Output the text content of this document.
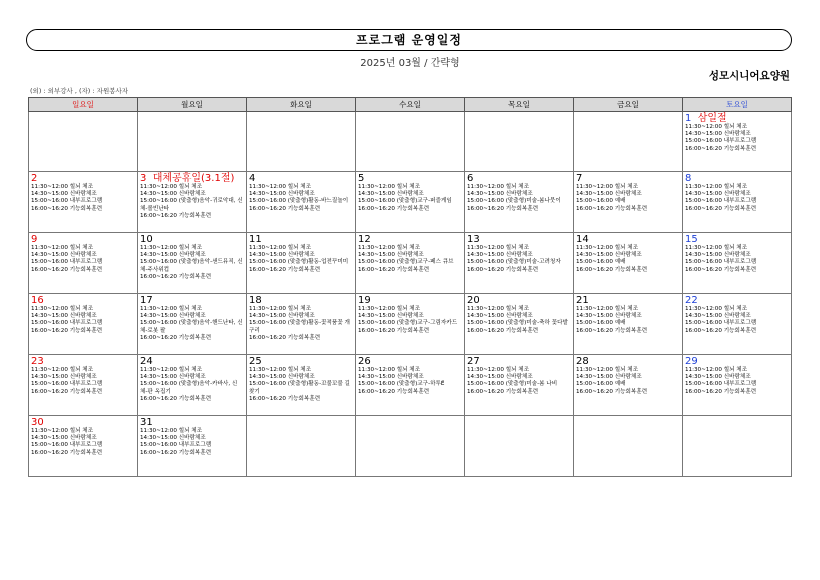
프로그램 운영일정
2025년 03월 / 간략형
성모시니어요양원
(외) : 외부강사 , (자) : 자원봉사자
일요일	월요일	화요일	수요일	목요일	금요일	토요일

						1 삼일절
11:30~12:00 힐뇌 체조
14:30~15:00 신바람체조
15:00~16:00 내부프로그램
16:00~16:20 기능회복훈련

2
11:30~12:00 힐뇌 체조
14:30~15:00 신바람체조
15:00~16:00 내부프로그램
16:00~16:20 기능회복훈련	3 대체공휴일(3.1절)
11:30~12:00 힐뇌 체조
14:30~15:00 신바람체조
15:00~16:00 (맞춤형)음악-귀로악대, 신체-볼빈난타
16:00~16:20 기능회복훈련	4
11:30~12:00 힐뇌 체조
14:30~15:00 신바람체조
15:00~16:00 (맞춤형)활동-바느질놀이
16:00~16:20 기능회복훈련	5
11:30~12:00 힐뇌 체조
14:30~15:00 신바람체조
15:00~16:00 (맞춤형)교구-퍼즐게임
16:00~16:20 기능회복훈련	6
11:30~12:00 힐뇌 체조
14:30~15:00 신바람체조
15:00~16:00 (맞춤형)미술-봄나뭇이
16:00~16:20 기능회복훈련	7
11:30~12:00 힐뇌 체조
14:30~15:00 신바람체조
15:00~16:00 예배
16:00~16:20 기능회복훈련	8
11:30~12:00 힐뇌 체조
14:30~15:00 신바람체조
15:00~16:00 내부프로그램
16:00~16:20 기능회복훈련

9
11:30~12:00 힐뇌 체조
14:30~15:00 신바람체조
15:00~16:00 내부프로그램
16:00~16:20 기능회복훈련	10
11:30~12:00 힐뇌 체조
14:30~15:00 신바람체조
15:00~16:00 (맞춤형)음악-샌드뮤직, 신체-주사위컵
16:00~16:20 기능회복훈련	11
11:30~12:00 힐뇌 체조
14:30~15:00 신바람체조
15:00~16:00 (맞춤형)활동-업전꾸미미
16:00~16:20 기능회복훈련	12
11:30~12:00 힐뇌 체조
14:30~15:00 신바람체조
15:00~16:00 (맞춤형)교구-페스 큐브
16:00~16:20 기능회복훈련	13
11:30~12:00 힐뇌 체조
14:30~15:00 신바람체조
15:00~16:00 (맞춤형)미술-고려청자
16:00~16:20 기능회복훈련	14
11:30~12:00 힐뇌 체조
14:30~15:00 신바람체조
15:00~16:00 예배
16:00~16:20 기능회복훈련	15
11:30~12:00 힐뇌 체조
14:30~15:00 신바람체조
15:00~16:00 내부프로그램
16:00~16:20 기능회복훈련

16
11:30~12:00 힐뇌 체조
14:30~15:00 신바람체조
15:00~16:00 내부프로그램
16:00~16:20 기능회복훈련	17
11:30~12:00 힐뇌 체조
14:30~15:00 신바람체조
15:00~16:00 (맞춤형)음악-핸드난타, 신체-로봇 팔
16:00~16:20 기능회복훈련	18
11:30~12:00 힐뇌 체조
14:30~15:00 신바람체조
15:00~16:00 (맞춤형)활동-꽃적품꽃 개구리
16:00~16:20 기능회복훈련	19
11:30~12:00 힐뇌 체조
14:30~15:00 신바람체조
15:00~16:00 (맞춤형)교구-그림자카드
16:00~16:20 기능회복훈련	20
11:30~12:00 힐뇌 체조
14:30~15:00 신바람체조
15:00~16:00 (맞춤형)미술-축하 꽃다발
16:00~16:20 기능회복훈련	21
11:30~12:00 힐뇌 체조
14:30~15:00 신바람체조
15:00~16:00 예배
16:00~16:20 기능회복훈련	22
11:30~12:00 힐뇌 체조
14:30~15:00 신바람체조
15:00~16:00 내부프로그램
16:00~16:20 기능회복훈련

23
11:30~12:00 힐뇌 체조
14:30~15:00 신바람체조
15:00~16:00 내부프로그램
16:00~16:20 기능회복훈련	24
11:30~12:00 힐뇌 체조
14:30~15:00 신바람체조
15:00~16:00 (맞춤형)음악-카바사, 신체-판 옥집기
16:00~16:20 기능회복훈련	25
11:30~12:00 힐뇌 체조
14:30~15:00 신바람체조
15:00~16:00 (맞춤형)활동-꼬불꼬불 길찾기
16:00~16:20 기능회복훈련	26
11:30~12:00 힐뇌 체조
14:30~15:00 신바람체조
15:00~16:00 (맞춤형)교구-하투Ё
16:00~16:20 기능회복훈련	27
11:30~12:00 힐뇌 체조
14:30~15:00 신바람체조
15:00~16:00 (맞춤형)미술-봄 나비
16:00~16:20 기능회복훈련	28
11:30~12:00 힐뇌 체조
14:30~15:00 신바람체조
15:00~16:00 예배
16:00~16:20 기능회복훈련	29
11:30~12:00 힐뇌 체조
14:30~15:00 신바람체조
15:00~16:00 내부프로그램
16:00~16:20 기능회복훈련

30
11:30~12:00 힐뇌 체조
14:30~15:00 신바람체조
15:00~16:00 내부프로그램
16:00~16:20 기능회복훈련	31
11:30~12:00 힐뇌 체조
14:30~15:00 신바람체조
15:00~16:00 내부프로그램
16:00~16:20 기능회복훈련					
